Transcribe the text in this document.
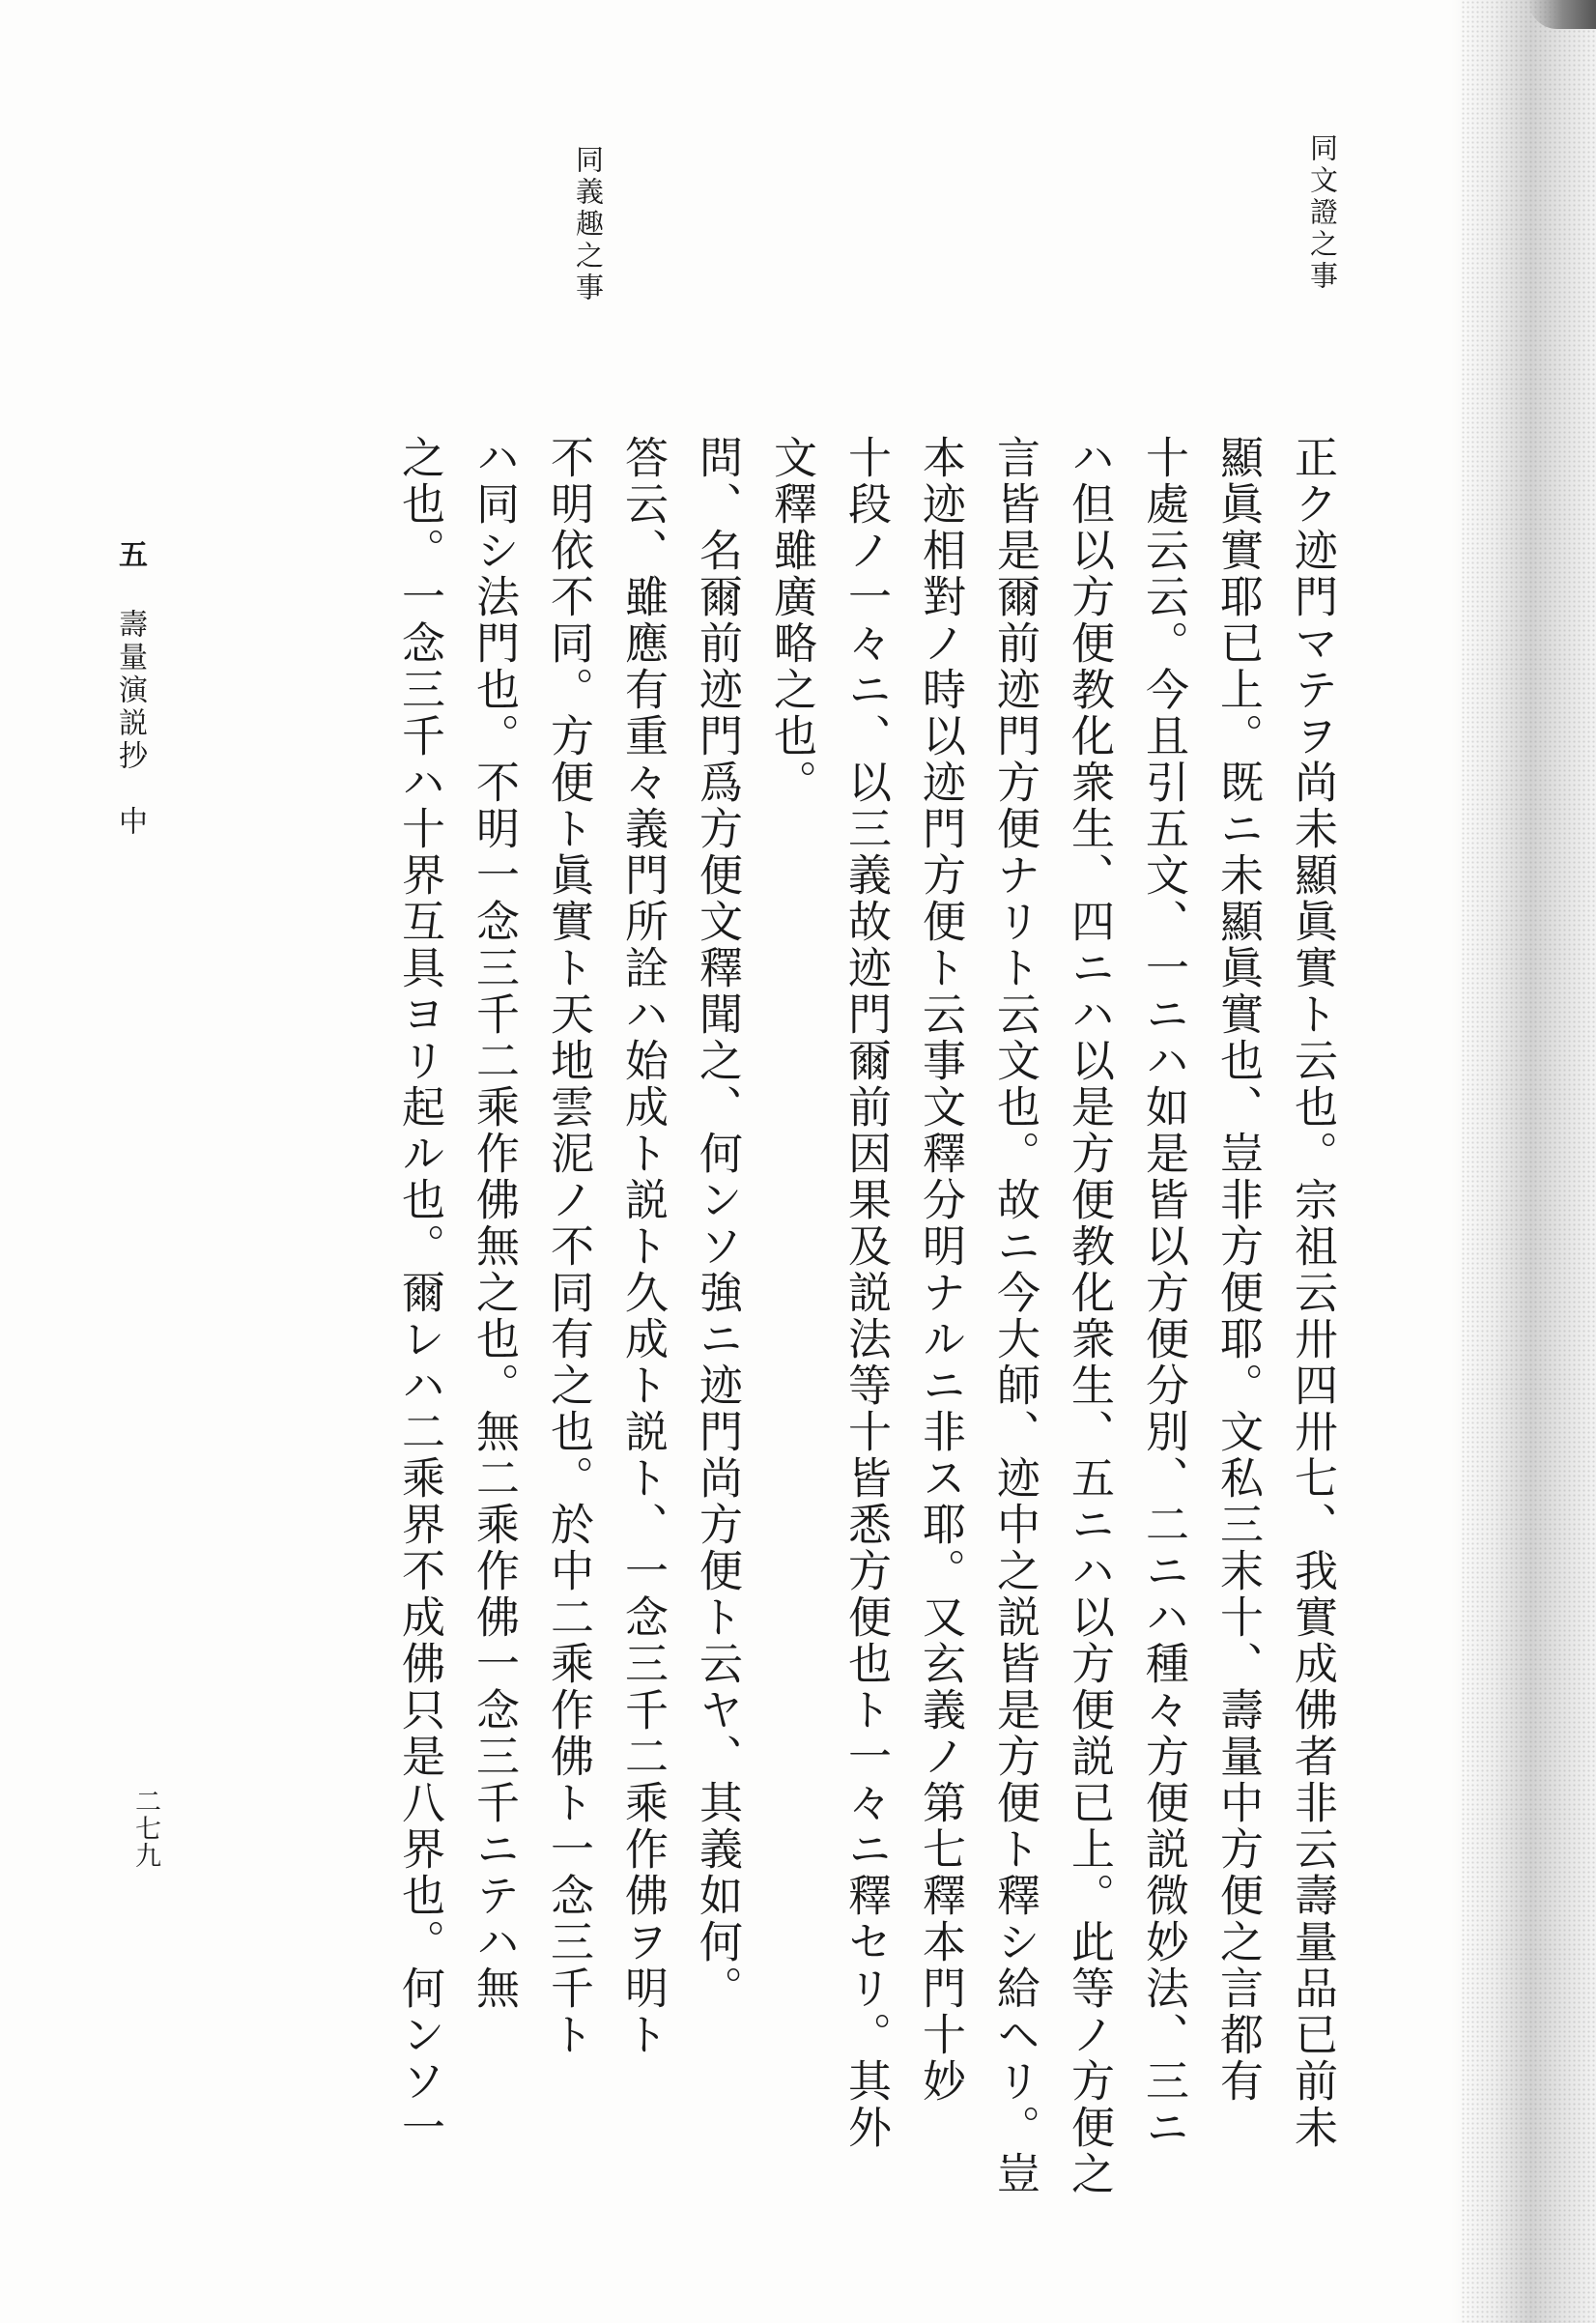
同文證之事
同義趣之事
正ク迹門マテヲ尚未顯眞實ト云也。宗祖云卅四卅七、我實成佛者非云壽量品已前未
顯眞實耶已上。既ニ未顯眞實也、豈非方便耶。文私三末十、壽量中方便之言都有
十處云云。今且引五文、一ニハ如是皆以方便分別、二ニハ種々方便説微妙法、三ニ
ハ但以方便教化衆生、四ニハ以是方便教化衆生、五ニハ以方便説已上。此等ノ方便之
言皆是爾前迹門方便ナリト云文也。故ニ今大師、迹中之説皆是方便ト釋シ給ヘリ。豈
本迹相對ノ時以迹門方便ト云事文釋分明ナルニ非ス耶。又玄義ノ第七釋本門十妙
十段ノ一々ニ、以三義故迹門爾前因果及説法等十皆悉方便也ト一々ニ釋セリ。其外
文釋雖廣略之也。
問、名爾前迹門爲方便文釋聞之、何ンソ強ニ迹門尚方便ト云ヤ、其義如何。
答云、雖應有重々義門所詮ハ始成ト説ト久成ト説ト、一念三千二乘作佛ヲ明ト
不明依不同。方便ト眞實ト天地雲泥ノ不同有之也。於中二乘作佛ト一念三千ト
ハ同シ法門也。不明一念三千二乘作佛無之也。無二乘作佛一念三千ニテハ無
之也。一念三千ハ十界互具ヨリ起ル也。爾レハ二乘界不成佛只是八界也。何ンソ一
五
壽量演説抄　中
二七九
